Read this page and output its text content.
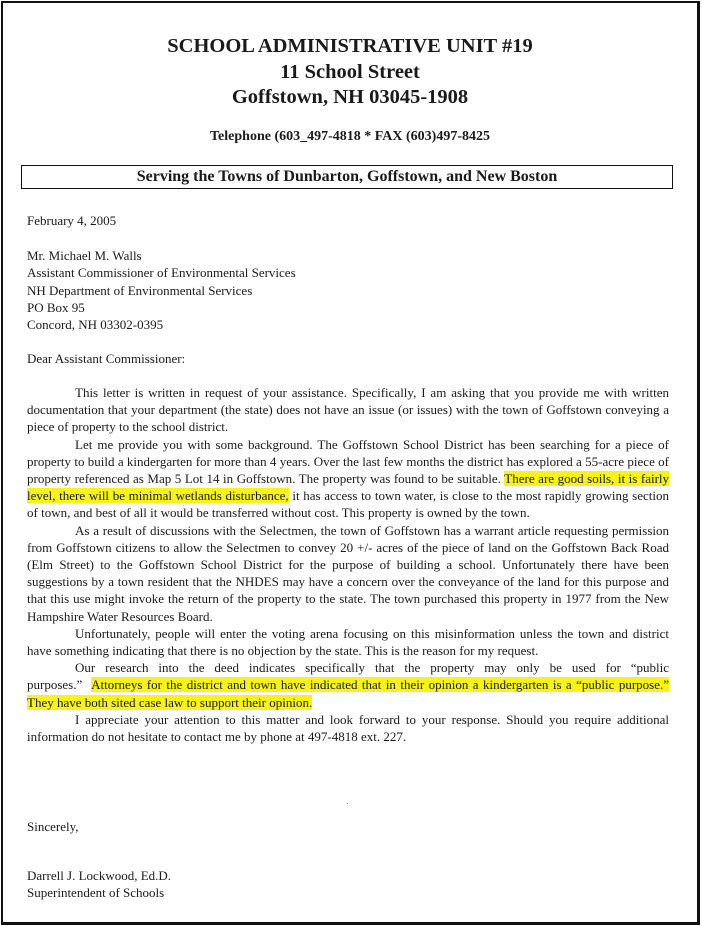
SCHOOL ADMINISTRATIVE UNIT #19
11 School Street
Goffstown, NH 03045-1908
Telephone (603_497-4818 * FAX (603)497-8425
Serving the Towns of Dunbarton, Goffstown, and New Boston
February 4, 2005
Mr. Michael M. Walls
Assistant Commissioner of Environmental Services
NH Department of Environmental Services
PO Box 95
Concord, NH 03302-0395
Dear Assistant Commissioner:

This letter is written in request of your assistance. Specifically, I am asking that you provide me with written documentation that your department (the state) does not have an issue (or issues) with the town of Goffstown conveying a piece of property to the school district.

Let me provide you with some background. The Goffstown School District has been searching for a piece of property to build a kindergarten for more than 4 years. Over the last few months the district has explored a 55-acre piece of property referenced as Map 5 Lot 14 in Goffstown. The property was found to be suitable. There are good soils, it is fairly level, there will be minimal wetlands disturbance, it has access to town water, is close to the most rapidly growing section of town, and best of all it would be transferred without cost. This property is owned by the town.

As a result of discussions with the Selectmen, the town of Goffstown has a warrant article requesting permission from Goffstown citizens to allow the Selectmen to convey 20 +/- acres of the piece of land on the Goffstown Back Road (Elm Street) to the Goffstown School District for the purpose of building a school. Unfortunately there have been suggestions by a town resident that the NHDES may have a concern over the conveyance of the land for this purpose and that this use might invoke the return of the property to the state. The town purchased this property in 1977 from the New Hampshire Water Resources Board.

Unfortunately, people will enter the voting arena focusing on this misinformation unless the town and district have something indicating that there is no objection by the state. This is the reason for my request.

Our research into the deed indicates specifically that the property may only be used for “public purposes.” Attorneys for the district and town have indicated that in their opinion a kindergarten is a “public purpose.” They have both sited case law to support their opinion.

I appreciate your attention to this matter and look forward to your response. Should you require additional information do not hesitate to contact me by phone at 497-4818 ext. 227.

Sincerely,
Darrell J. Lockwood, Ed.D.
Superintendent of Schools
